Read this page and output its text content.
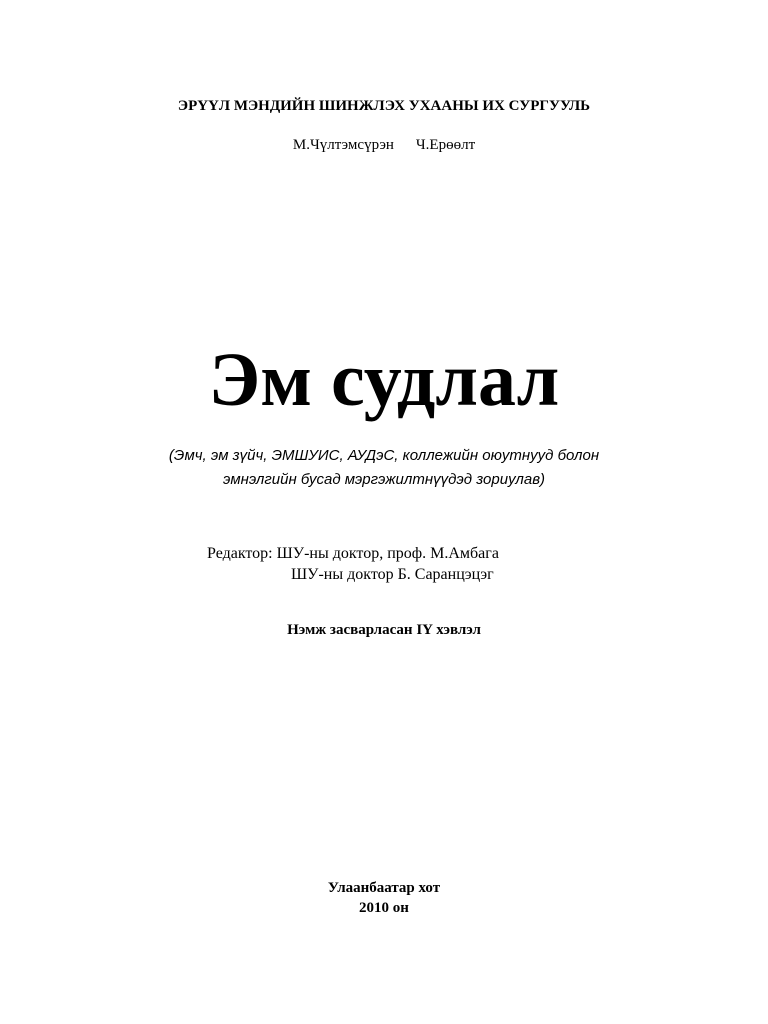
ЭРҮҮЛ МЭНДИЙН ШИНЖЛЭХ УХААНЫ ИХ СУРГУУЛЬ
М.Чүлтэмсүрэн Ч.Ерөөлт
Эм судлал
(Эмч, эм зүйч, ЭМШУИС, АУДэС, коллежийн оюутнууд болон
эмнэлгийн бусад мэргэжилтнүүдэд зориулав)
Редактор: ШУ-ны доктор, проф. М.Амбага
ШУ-ны доктор Б. Саранцэцэг
Нэмж засварласан IY хэвлэл
Улаанбаатар хот
2010 он
